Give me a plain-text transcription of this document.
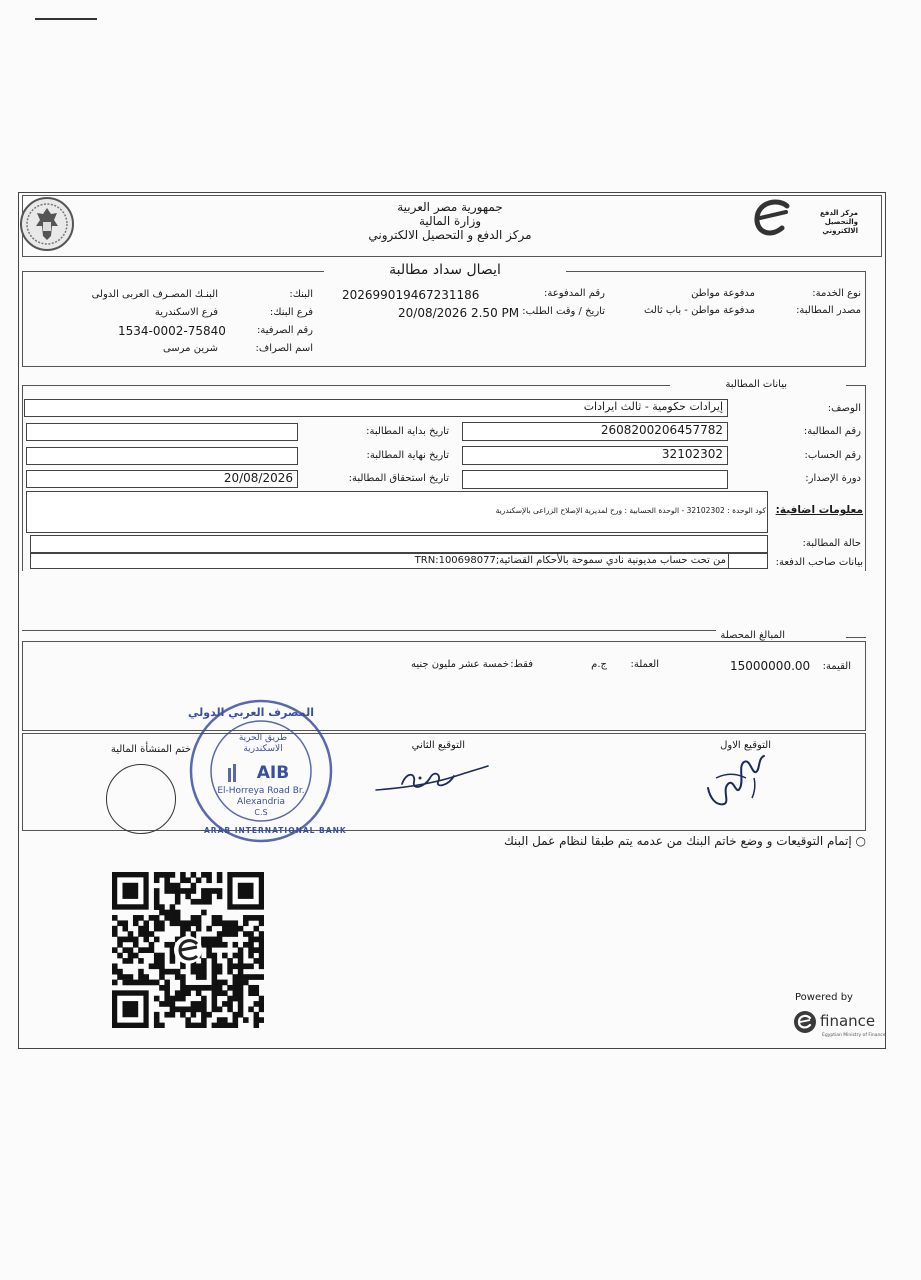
جمهورية مصر العربية
وزارة المالية
مركز الدفع و التحصيل الالكتروني
مركز الدفع والتحصيل الالكتروني
ايصال سداد مطالبة
نوع الخدمة:
مدفوعة مواطن
مصدر المطالبة:
مدفوعة مواطن - باب ثالث
رقم المدفوعة:
202699019467231186
تاريخ / وقت الطلب:
20/08/2026 2.50 PM
البنك:
البنـك المصـرف العربى الدولى
فرع البنك:
فرع الاسكندرية
رقم الصرفية:
1534-0002-75840
اسم الصراف:
شرين مرسى
بيانات المطالبة
إيرادات حكومية - ثالث ايرادات	الوصف:
رقم المطالبة:
2608200206457782
تاريخ بداية المطالبة:
رقم الحساب:
32102302
تاريخ نهاية المطالبة:
دورة الإصدار:
تاريخ استحقاق المطالبة:
20/08/2026
كود الوحدة : 32102302 - الوحدة الحسابية : ورح لمديرية الإصلاح الزراعى بالإسكندرية معلومات اضافية:
حالة المطالبة:
بيانات صاحب الدفعة:
من تحت حساب مديونية نادي سموحة بالأحكام القضائية;TRN:100698077
المبالغ المحصلة
القيمة:
15000000.00
العملة:
ج.م
فقط:
خمسة عشر مليون جنيه
التوقيع الاول
التوقيع الثاني
ختم المنشأة المالية
المصرف العربي الدولي
طريق الحرية
الاسكندرية
AIB
El-Horreya Road Br.
Alexandria
C.S
ARAB INTERNATIONAL BANK
○ إتمام التوقيعات و وضع خاتم البنك من عدمه يتم طبقا لنظام عمل البنك
Powered by
finance
Egyptian Ministry of Finance
